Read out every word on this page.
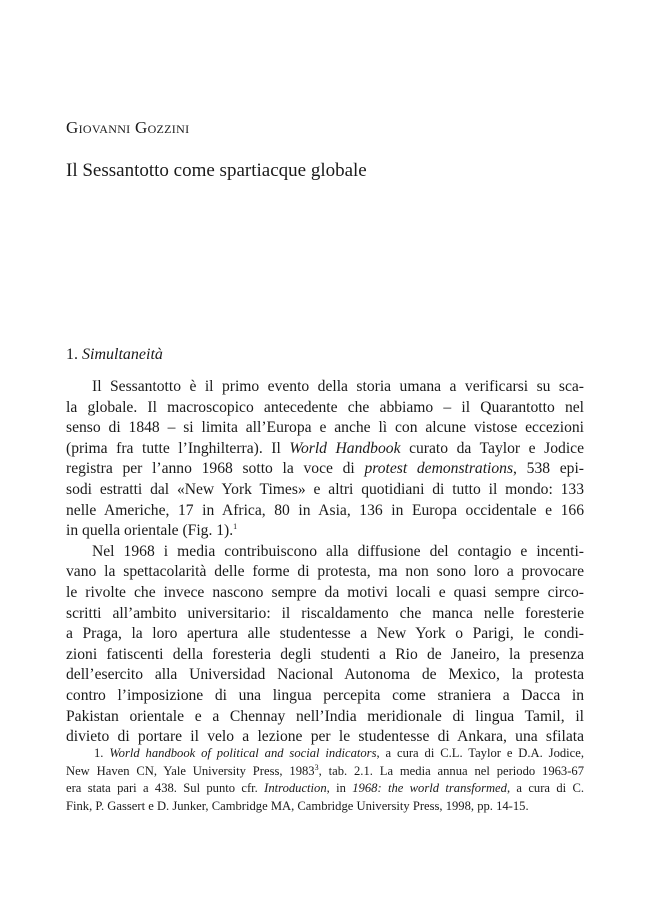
Giovanni Gozzini
Il Sessantotto come spartiacque globale
1. Simultaneità
Il Sessantotto è il primo evento della storia umana a verificarsi su sca-
la globale. Il macroscopico antecedente che abbiamo – il Quarantotto nel
senso di 1848 – si limita all’Europa e anche lì con alcune vistose eccezioni
(prima fra tutte l’Inghilterra). Il World Handbook curato da Taylor e Jodice
registra per l’anno 1968 sotto la voce di protest demonstrations, 538 epi-
sodi estratti dal «New York Times» e altri quotidiani di tutto il mondo: 133
nelle Americhe, 17 in Africa, 80 in Asia, 136 in Europa occidentale e 166
in quella orientale (Fig. 1).$^1$
Nel 1968 i media contribuiscono alla diffusione del contagio e incenti-
vano la spettacolarità delle forme di protesta, ma non sono loro a provocare
le rivolte che invece nascono sempre da motivi locali e quasi sempre circo-
scritti all’ambito universitario: il riscaldamento che manca nelle foresterie
a Praga, la loro apertura alle studentesse a New York o Parigi, le condi-
zioni fatiscenti della foresteria degli studenti a Rio de Janeiro, la presenza
dell’esercito alla Universidad Nacional Autonoma de Mexico, la protesta
contro l’imposizione di una lingua percepita come straniera a Dacca in
Pakistan orientale e a Chennay nell’India meridionale di lingua Tamil, il
divieto di portare il velo a lezione per le studentesse di Ankara, una sfilata
1. World handbook of political and social indicators, a cura di C.L. Taylor e D.A. Jodice,
New Haven CN, Yale University Press, 1983$^3$, tab. 2.1. La media annua nel periodo 1963-67
era stata pari a 438. Sul punto cfr. Introduction, in 1968: the world transformed, a cura di C.
Fink, P. Gassert e D. Junker, Cambridge MA, Cambridge University Press, 1998, pp. 14-15.
